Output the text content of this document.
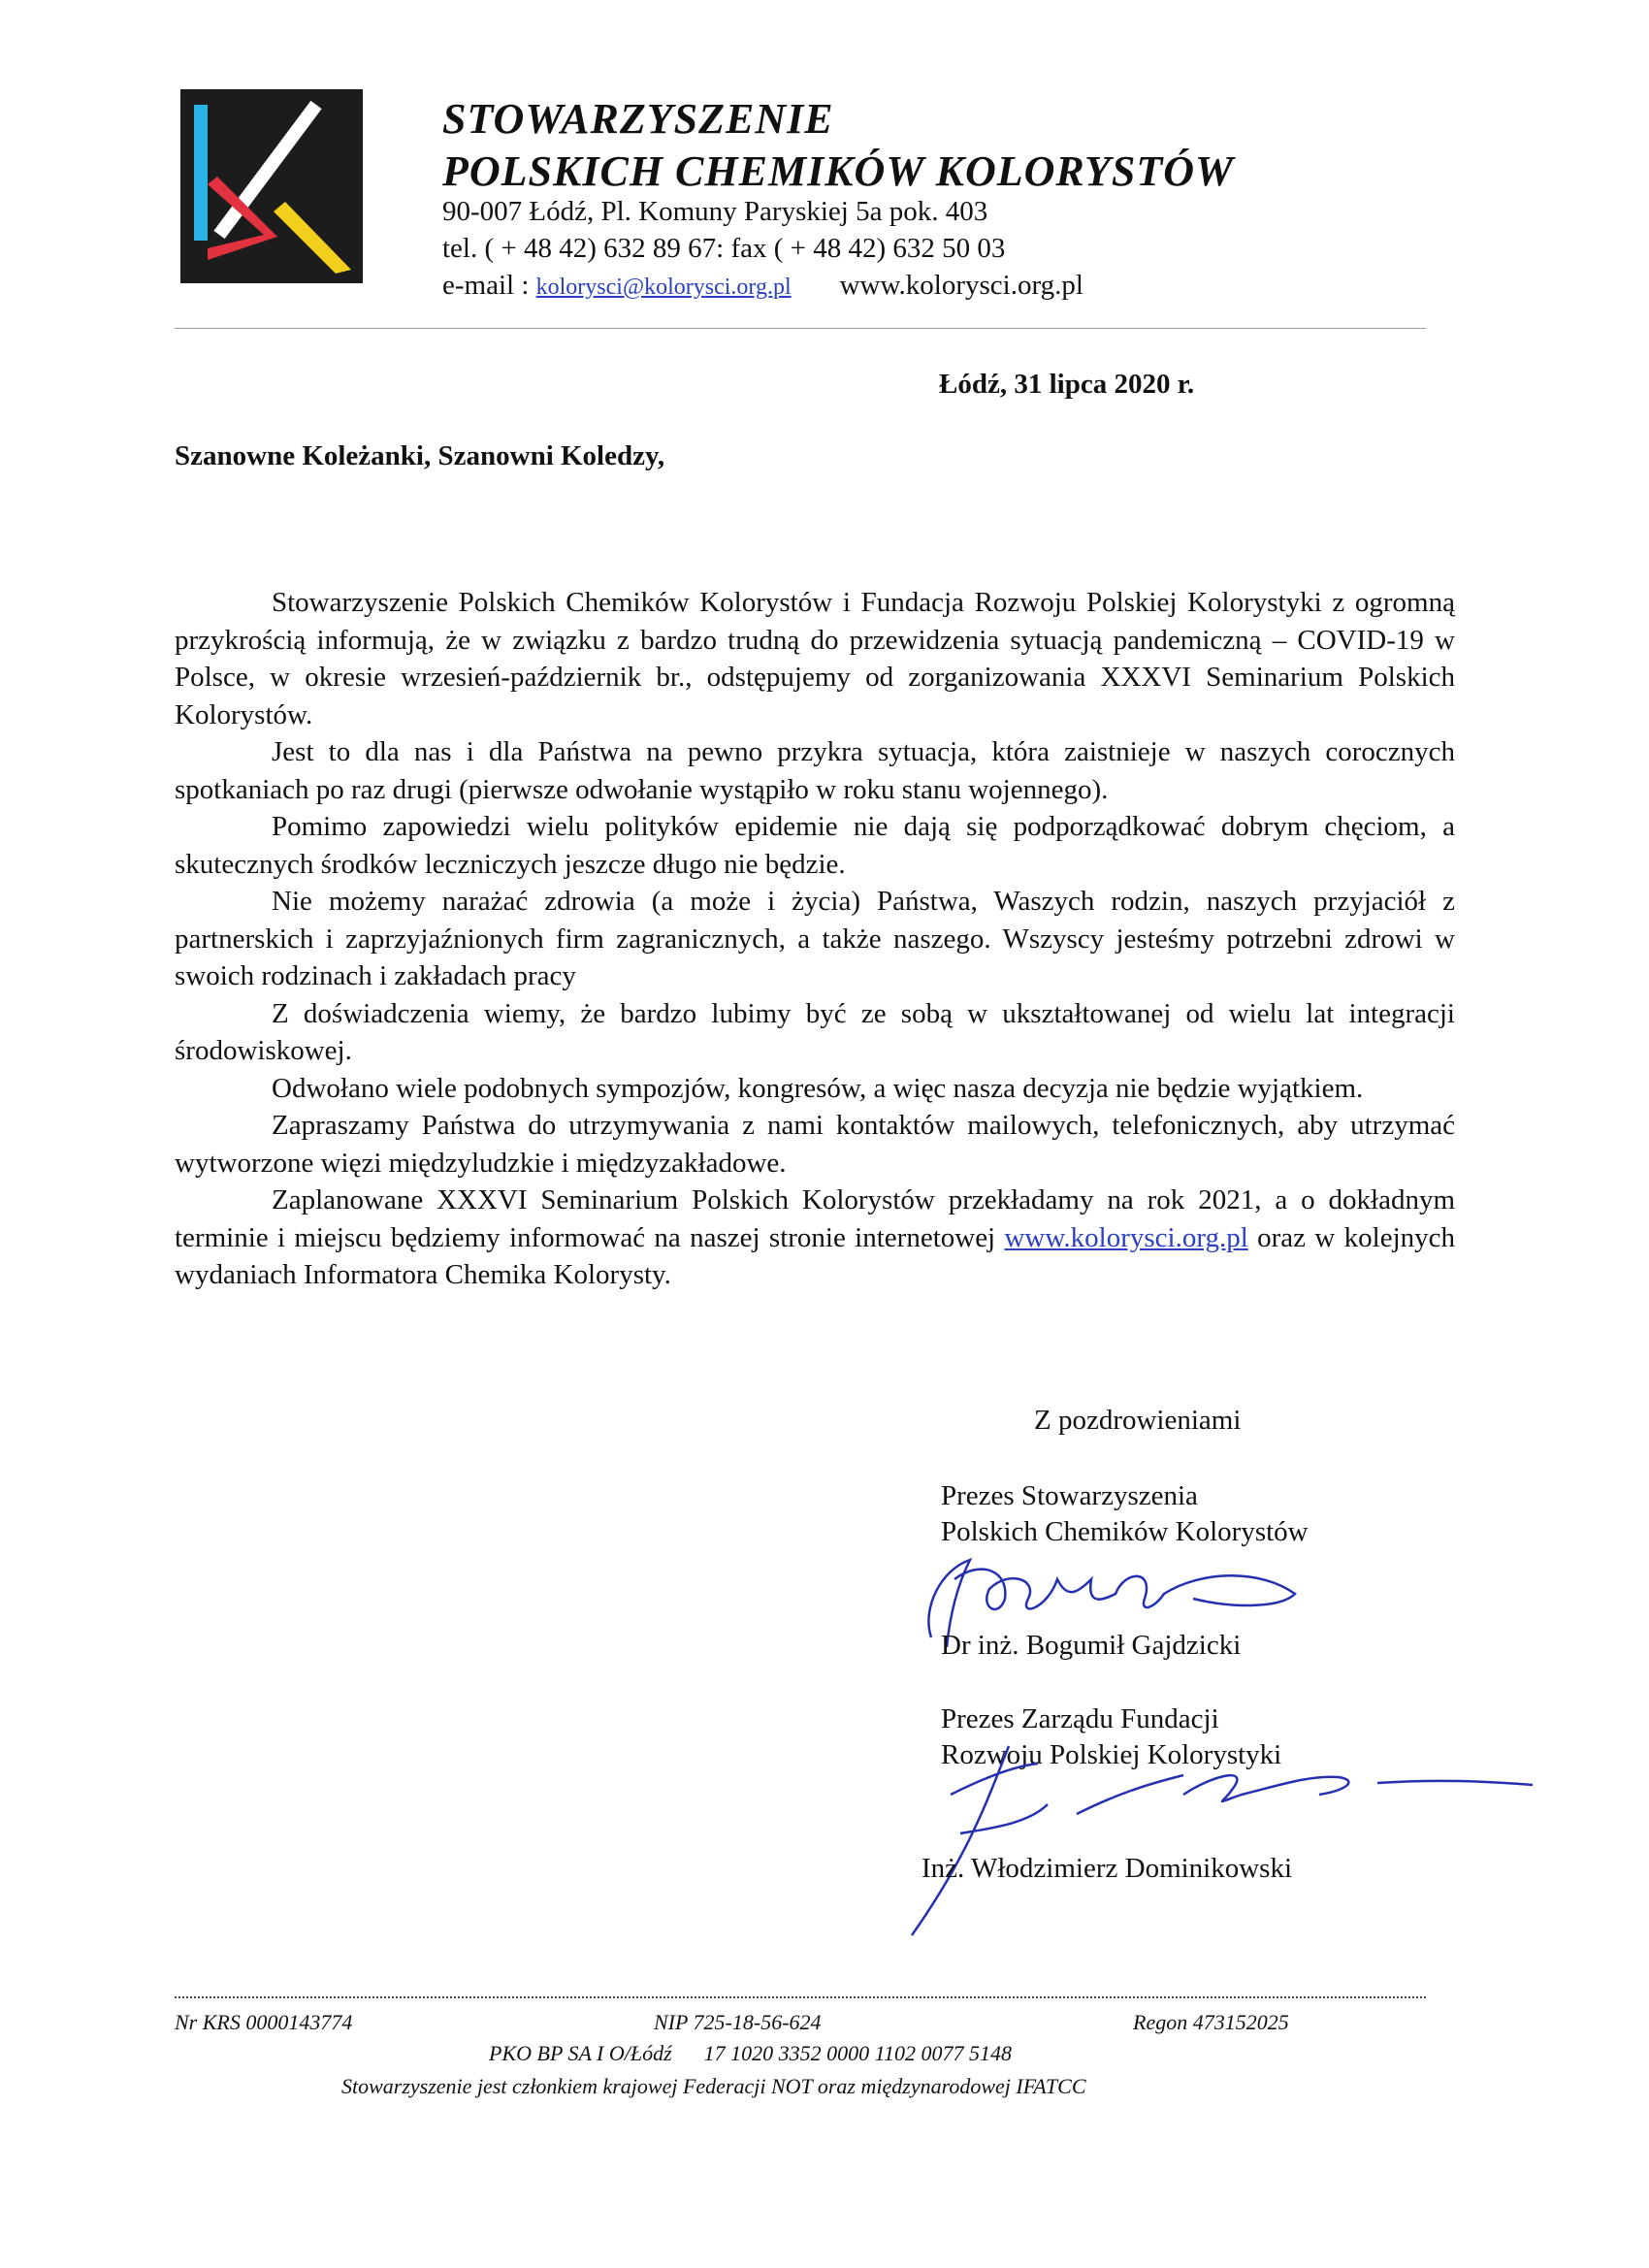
STOWARZYSZENIE
POLSKICH CHEMIKÓW KOLORYSTÓW
90-007 Łódź, Pl. Komuny Paryskiej 5a pok. 403
tel. ( + 48 42) 632 89 67: fax ( + 48 42) 632 50 03
e-mail : kolorysci@kolorysci.org.pl www.kolorysci.org.pl
Łódź, 31 lipca 2020 r.
Szanowne Koleżanki, Szanowni Koledzy,

Stowarzyszenie Polskich Chemików Kolorystów i Fundacja Rozwoju Polskiej Kolorystyki z ogromną przykrością informują, że w związku z bardzo trudną do przewidzenia sytuacją pandemiczną – COVID-19 w Polsce, w okresie wrzesień-październik br., odstępujemy od zorganizowania XXXVI Seminarium Polskich Kolorystów.

Jest to dla nas i dla Państwa na pewno przykra sytuacja, która zaistnieje w naszych corocznych spotkaniach po raz drugi (pierwsze odwołanie wystąpiło w roku stanu wojennego).

Pomimo zapowiedzi wielu polityków epidemie nie dają się podporządkować dobrym chęciom, a skutecznych środków leczniczych jeszcze długo nie będzie.

Nie możemy narażać zdrowia (a może i życia) Państwa, Waszych rodzin, naszych przyjaciół z partnerskich i zaprzyjaźnionych firm zagranicznych, a także naszego. Wszyscy jesteśmy potrzebni zdrowi w swoich rodzinach i zakładach pracy

Z doświadczenia wiemy, że bardzo lubimy być ze sobą w ukształtowanej od wielu lat integracji środowiskowej.

Odwołano wiele podobnych sympozjów, kongresów, a więc nasza decyzja nie będzie wyjątkiem.

Zapraszamy Państwa do utrzymywania z nami kontaktów mailowych, telefonicznych, aby utrzymać wytworzone więzi międzyludzkie i międzyzakładowe.

Zaplanowane XXXVI Seminarium Polskich Kolorystów przekładamy na rok 2021, a o dokładnym terminie i miejscu będziemy informować na naszej stronie internetowej www.kolorysci.org.pl oraz w kolejnych wydaniach Informatora Chemika Kolorysty.

Z pozdrowieniami
Prezes Stowarzyszenia
Polskich Chemików Kolorystów
Dr inż. Bogumił Gajdzicki
Prezes Zarządu Fundacji
Rozwoju Polskiej Kolorystyki
Inż. Włodzimierz Dominikowski
Nr KRS 0000143774	NIP 725-18-56-624	Regon 473152025
PKO BP SA I O/Łódź      17 1020 3352 0000 1102 0077 5148
Stowarzyszenie jest członkiem krajowej Federacji NOT oraz międzynarodowej IFATCC
